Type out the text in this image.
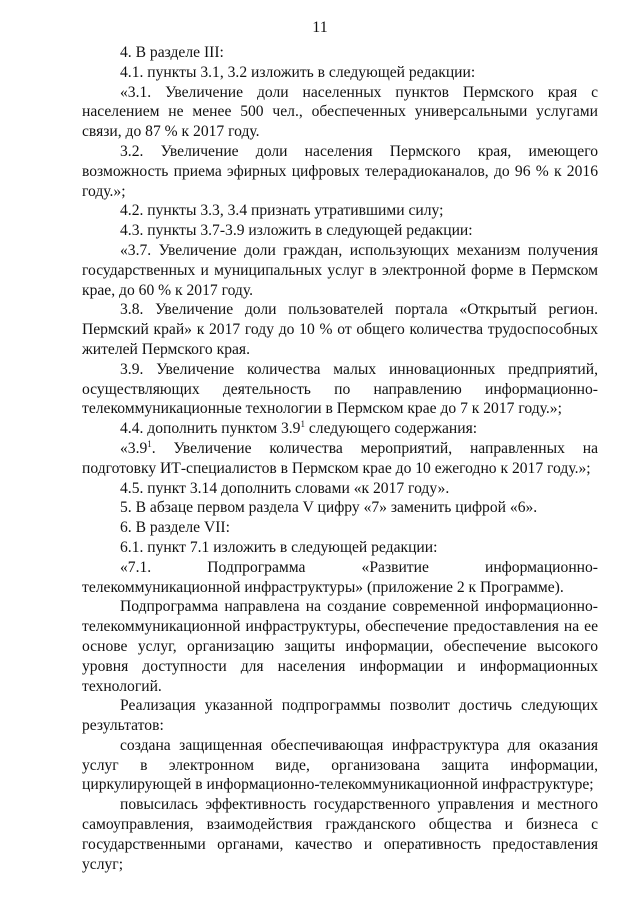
11

4. В разделе III:

4.1. пункты 3.1, 3.2 изложить в следующей редакции:

«3.1. Увеличение доли населенных пунктов Пермского края с населением не менее 500 чел., обеспеченных универсальными услугами связи, до 87 % к 2017 году.

3.2. Увеличение доли населения Пермского края, имеющего возможность приема эфирных цифровых телерадиоканалов, до 96 % к 2016 году.»;

4.2. пункты 3.3, 3.4 признать утратившими силу;

4.3. пункты 3.7-3.9 изложить в следующей редакции:

«3.7. Увеличение доли граждан, использующих механизм получения государственных и муниципальных услуг в электронной форме в Пермском крае, до 60 % к 2017 году.

3.8. Увеличение доли пользователей портала «Открытый регион. Пермский край» к 2017 году до 10 % от общего количества трудоспособных жителей Пермского края.

3.9. Увеличение количества малых инновационных предприятий, осуществляющих деятельность по направлению информационно-телекоммуникационные технологии в Пермском крае до 7 к 2017 году.»;

4.4. дополнить пунктом $3.9^1$ следующего содержания:

«$3.9^1$. Увеличение количества мероприятий, направленных на подготовку ИТ-специалистов в Пермском крае до 10 ежегодно к 2017 году.»;

4.5. пункт 3.14 дополнить словами «к 2017 году».

5. В абзаце первом раздела V цифру «7» заменить цифрой «6».

6. В разделе VII:

6.1. пункт 7.1 изложить в следующей редакции:

«7.1. Подпрограмма «Развитие информационно-телекоммуникационной инфраструктуры» (приложение 2 к Программе).

Подпрограмма направлена на создание современной информационно-телекоммуникационной инфраструктуры, обеспечение предоставления на ее основе услуг, организацию защиты информации, обеспечение высокого уровня доступности для населения информации и информационных технологий.

Реализация указанной подпрограммы позволит достичь следующих результатов:

создана защищенная обеспечивающая инфраструктура для оказания услуг в электронном виде, организована защита информации, циркулирующей в информационно-телекоммуникационной инфраструктуре;

повысилась эффективность государственного управления и местного самоуправления, взаимодействия гражданского общества и бизнеса с государственными органами, качество и оперативность предоставления услуг;
